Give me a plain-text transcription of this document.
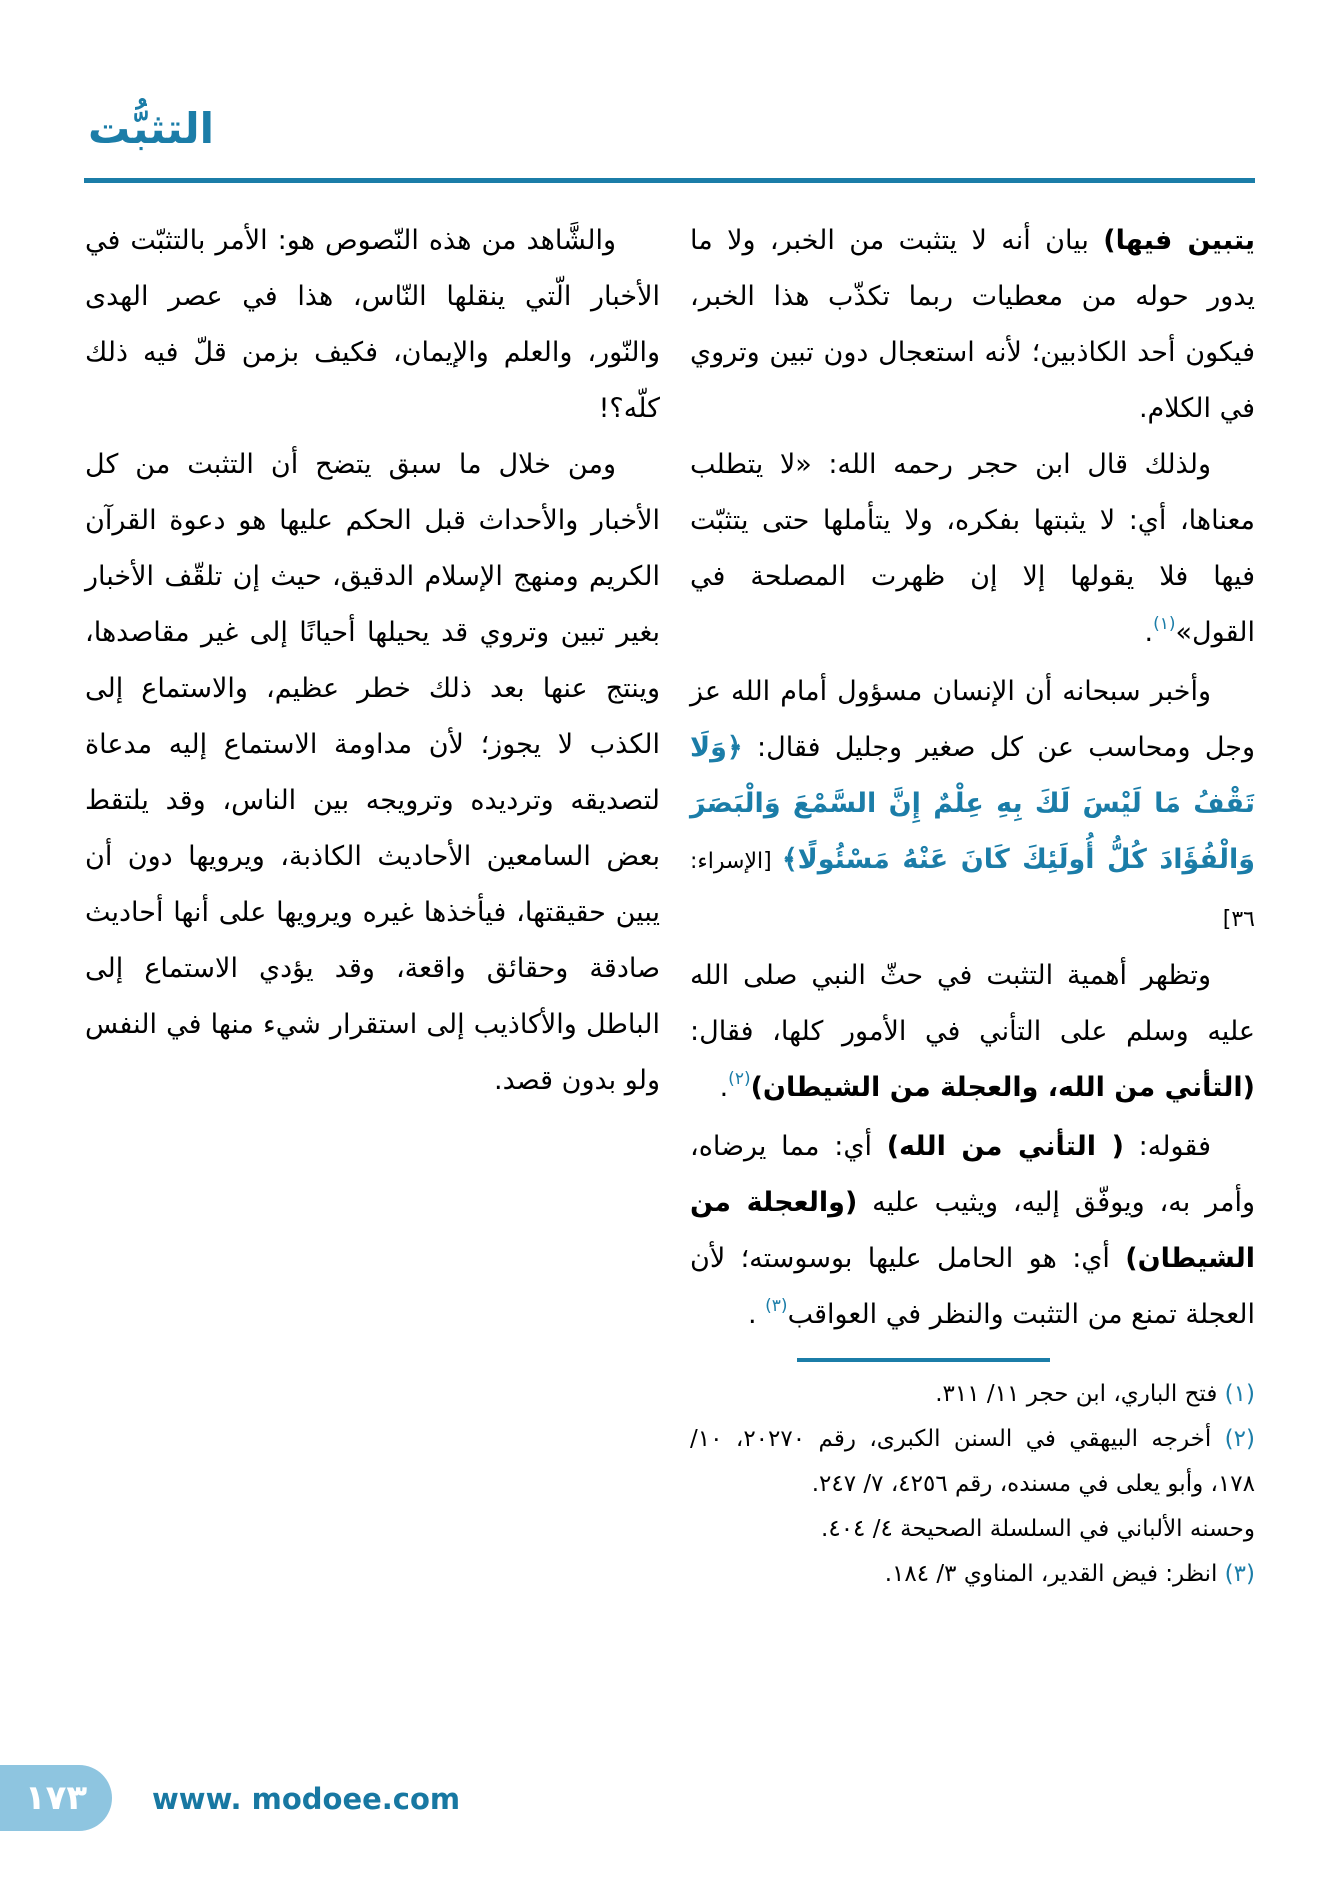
التثبُّت

يتبين فيها) بيان أنه لا يتثبت من الخبر، ولا ما يدور حوله من معطيات ربما تكذّب هذا الخبر، فيكون أحد الكاذبين؛ لأنه استعجال دون تبين وتروي في الكلام.

ولذلك قال ابن حجر رحمه الله: «لا يتطلب معناها، أي: لا يثبتها بفكره، ولا يتأملها حتى يتثبّت فيها فلا يقولها إلا إن ظهرت المصلحة في القول»$^{(١)}$.

وأخبر سبحانه أن الإنسان مسؤول أمام الله عز وجل ومحاسب عن كل صغير وجليل فقال: ﴿وَلَا تَقْفُ مَا لَيْسَ لَكَ بِهِ عِلْمٌ إِنَّ السَّمْعَ وَالْبَصَرَ وَالْفُؤَادَ كُلُّ أُولَئِكَ كَانَ عَنْهُ مَسْئُولًا﴾ [الإسراء: ٣٦]

وتظهر أهمية التثبت في حثّ النبي صلى الله عليه وسلم على التأني في الأمور كلها، فقال: (التأني من الله، والعجلة من الشيطان)$^{(٢)}$.

فقوله: ( التأني من الله) أي: مما يرضاه، وأمر به، ويوفّق إليه، ويثيب عليه (والعجلة من الشيطان) أي: هو الحامل عليها بوسوسته؛ لأن العجلة تمنع من التثبت والنظر في العواقب$^{(٣)}$ .

(١) فتح الباري، ابن حجر ١١/ ٣١١.
(٢) أخرجه البيهقي في السنن الكبرى، رقم ٢٠٢٧٠، ١٠/ ١٧٨، وأبو يعلى في مسنده، رقم ٤٢٥٦، ٧/ ٢٤٧.
وحسنه الألباني في السلسلة الصحيحة ٤/ ٤٠٤.
(٣) انظر: فيض القدير، المناوي ٣/ ١٨٤.

والشَّاهد من هذه النّصوص هو: الأمر بالتثبّت في الأخبار الّتي ينقلها النّاس، هذا في عصر الهدى والنّور، والعلم والإيمان، فكيف بزمن قلّ فيه ذلك كلّه؟!

ومن خلال ما سبق يتضح أن التثبت من كل الأخبار والأحداث قبل الحكم عليها هو دعوة القرآن الكريم ومنهج الإسلام الدقيق، حيث إن تلقّف الأخبار بغير تبين وتروي قد يحيلها أحيانًا إلى غير مقاصدها، وينتج عنها بعد ذلك خطر عظيم، والاستماع إلى الكذب لا يجوز؛ لأن مداومة الاستماع إليه مدعاة لتصديقه وترديده وترويجه بين الناس، وقد يلتقط بعض السامعين الأحاديث الكاذبة، ويرويها دون أن يبين حقيقتها، فيأخذها غيره ويرويها على أنها أحاديث صادقة وحقائق واقعة، وقد يؤدي الاستماع إلى الباطل والأكاذيب إلى استقرار شيء منها في النفس ولو بدون قصد.

١٧٣ www. modoee.com
